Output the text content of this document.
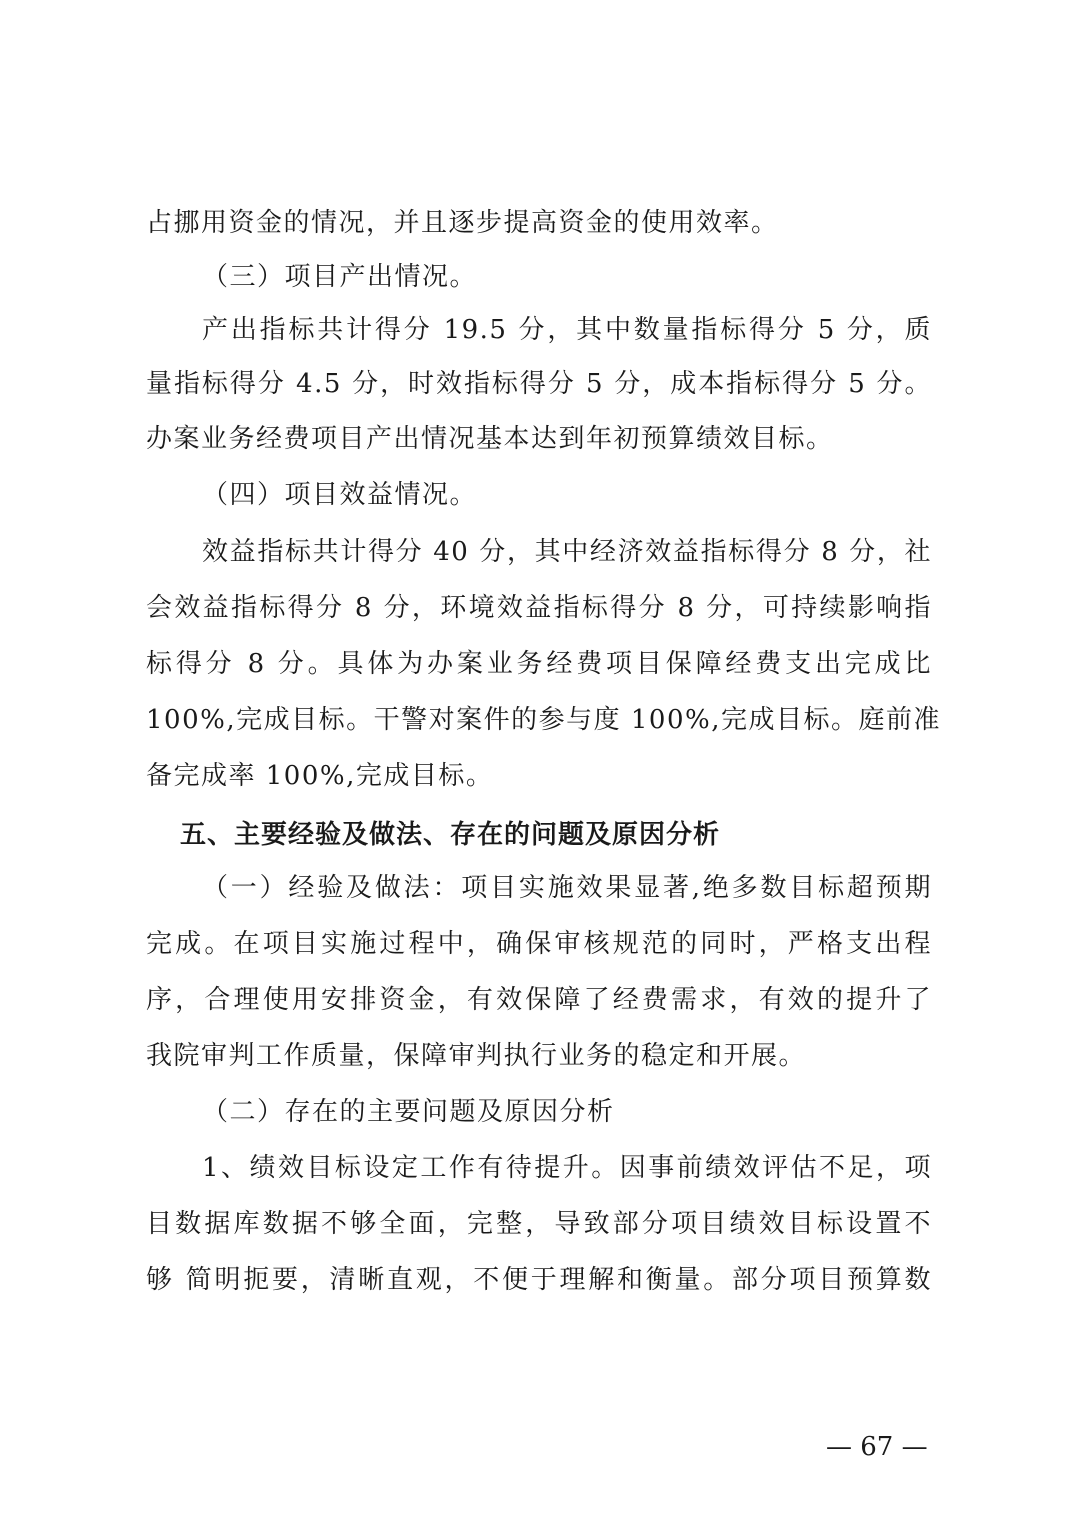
占挪用资金的情况，并且逐步提高资金的使用效率。
（三）项目产出情况。
产出指标共计得分 19.5 分，其中数量指标得分 5 分，质
量指标得分 4.5 分，时效指标得分 5 分，成本指标得分 5 分。
办案业务经费项目产出情况基本达到年初预算绩效目标。
（四）项目效益情况。
效益指标共计得分 40 分，其中经济效益指标得分 8 分，社
会效益指标得分 8 分，环境效益指标得分 8 分，可持续影响指
标得分 8 分。具体为办案业务经费项目保障经费支出完成比
100%,完成目标。干警对案件的参与度 100%,完成目标。庭前准
备完成率 100%,完成目标。
五、主要经验及做法、存在的问题及原因分析
（一）经验及做法：项目实施效果显著,绝多数目标超预期
完成。在项目实施过程中，确保审核规范的同时，严格支出程
序，合理使用安排资金，有效保障了经费需求，有效的提升了
我院审判工作质量，保障审判执行业务的稳定和开展。
（二）存在的主要问题及原因分析
1、绩效目标设定工作有待提升。因事前绩效评估不足，项
目数据库数据不够全面，完整，导致部分项目绩效目标设置不
够 简明扼要，清晰直观，不便于理解和衡量。部分项目预算数
— 67 —
